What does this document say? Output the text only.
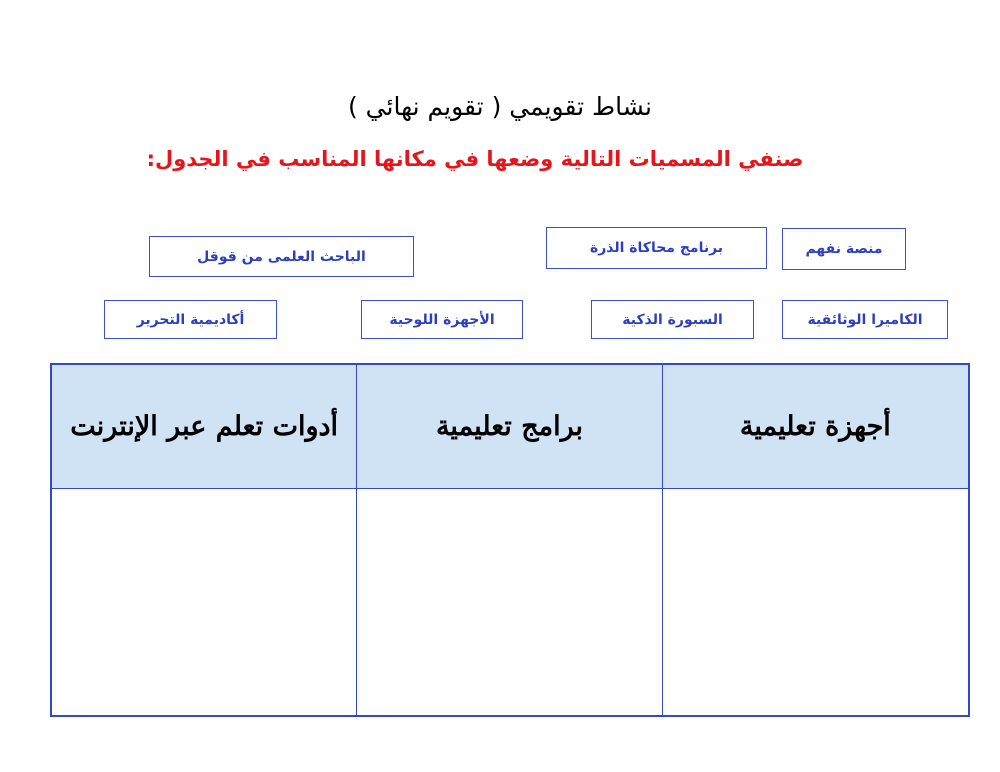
نشاط تقويمي ( تقويم نهائي )
صنفي المسميات التالية وضعها في مكانها المناسب في الجدول:
منصة نفهم
برنامج محاكاة الذرة
الباحث العلمى من قوقل
الكاميرا الوثائقية
السبورة الذكية
الأجهزة اللوحية
أكاديمية التحرير
أدوات تعلم عبر الإنترنت	برامج تعليمية	أجهزة تعليمية
